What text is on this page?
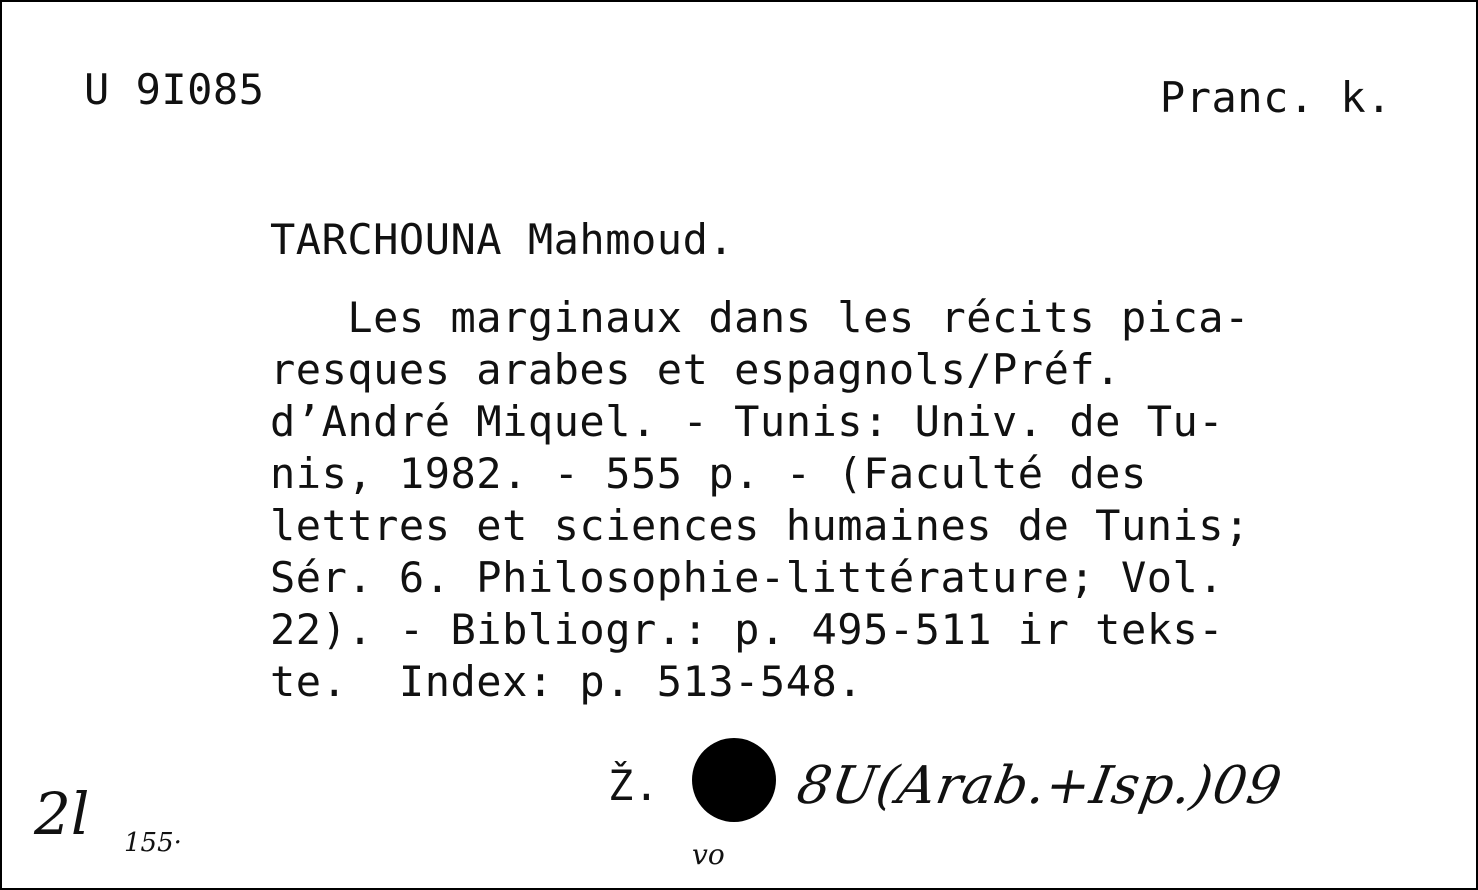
U 9I085	Pranc. k.
TARCHOUNA Mahmoud.
Les marginaux dans les récits pica-
resques arabes et espagnols/Préf.
d’André Miquel. - Tunis: Univ. de Tu-
nis, 1982. - 555 p. - (Faculté des
lettres et sciences humaines de Tunis;
Sér. 6. Philosophie-littérature; Vol.
22). - Bibliogr.: p. 495-511 ir teks-
te.  Index: p. 513-548.
Ž.	8U(Arab.+Isp.)09
2l 155·	vo
